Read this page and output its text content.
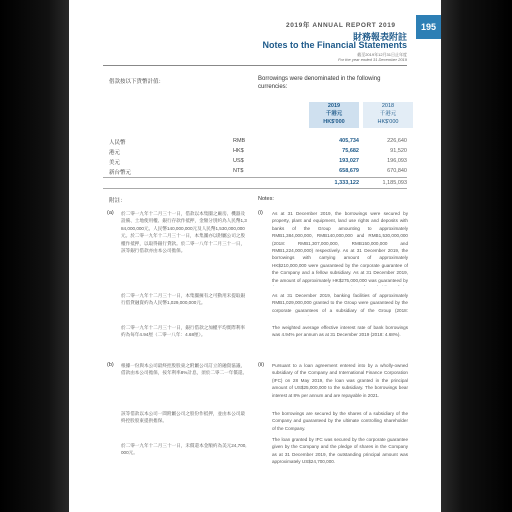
2019年 ANNUAL REPORT 2019	195
財務報表附註
Notes to the Financial Statements
截至2019年12月31日止年度
For the year ended 31 December 2019
借款按以下貨幣計值：	Borrowings were denominated in the following currencies:
2019
千港元
HK$'000
2018
千港元
HK$'000
人民幣	RMB	405,734	226,640
港元	HK$	75,682	91,520
美元	US$	193,027	196,093
新台幣元	NT$	658,679	670,840
1,333,122	1,185,093
附註：	Notes:
(a) 於二零一九年十二月三十一日，借款以本集團之廠房、機器及設備、土地使用權、銀行存款作抵押，金額分別約為人民幣1,384,000,000元、人民幣140,000,000元及人民幣1,530,000,000元。於二零一九年十二月三十一日，本集團亦以附屬公司之股權作抵押，以取得銀行貸款。於二零一八年十二月三十一日，該等銀行借款亦由本公司擔保。
於二零一九年十二月三十一日，本集團擁有之可動用未提取銀行借貸融資約為人民幣1,029,000,000元。
於二零一九年十二月三十一日，銀行借款之加權平均實際利率約為每年4.94厘（二零一八年：4.68厘）。
(b) 根據一份與本公司最終控股股東之附屬公司訂立的融資協議，借款由本公司擔保，按年利率8%計息，須於二零二一年償還。
該等借款以本公司一間附屬公司之股份作抵押，並由本公司最終控股股東提供擔保。
於二零一九年十二月三十一日，未償還本金額約為美元24,700,000元。
(i) As at 31 December 2019, the borrowings were secured by property, plant and equipment, land use rights and deposits with banks of the Group amounting to approximately RMB1,384,000,000, RMB140,000,000 and RMB1,530,000,000 (2018: RMB1,307,000,000, RMB150,000,000 and RMB1,224,000,000) respectively. As at 31 December 2019, the borrowings with carrying amount of approximately HK$210,000,000 were guaranteed by the corporate guarantee of the Company and a fellow subsidiary. As at 31 December 2019, the amount of approximately HK$275,000,000 was guaranteed by
As at 31 December 2019, banking facilities of approximately RMB1,029,000,000 granted to the Group were guaranteed by the corporate guarantees of a subsidiary of the Group (2018:
The weighted average effective interest rate of bank borrowings was 4.94% per annum as at 31 December 2019 (2018: 4.68%).
(ii) Pursuant to a loan agreement entered into by a wholly-owned subsidiary of the Company and International Finance Corporation (IFC) on 28 May 2019, the loan was granted in the principal amount of US$25,000,000 to the subsidiary. The borrowings bear interest at 8% per annum and are repayable in 2021.
The borrowings are secured by the shares of a subsidiary of the Company and guaranteed by the ultimate controlling shareholder of the Company.
The loan granted by IFC was secured by the corporate guarantee given by the Company and the pledge of shares in the Company as at 31 December 2019, the outstanding principal amount was approximately US$24,700,000.
